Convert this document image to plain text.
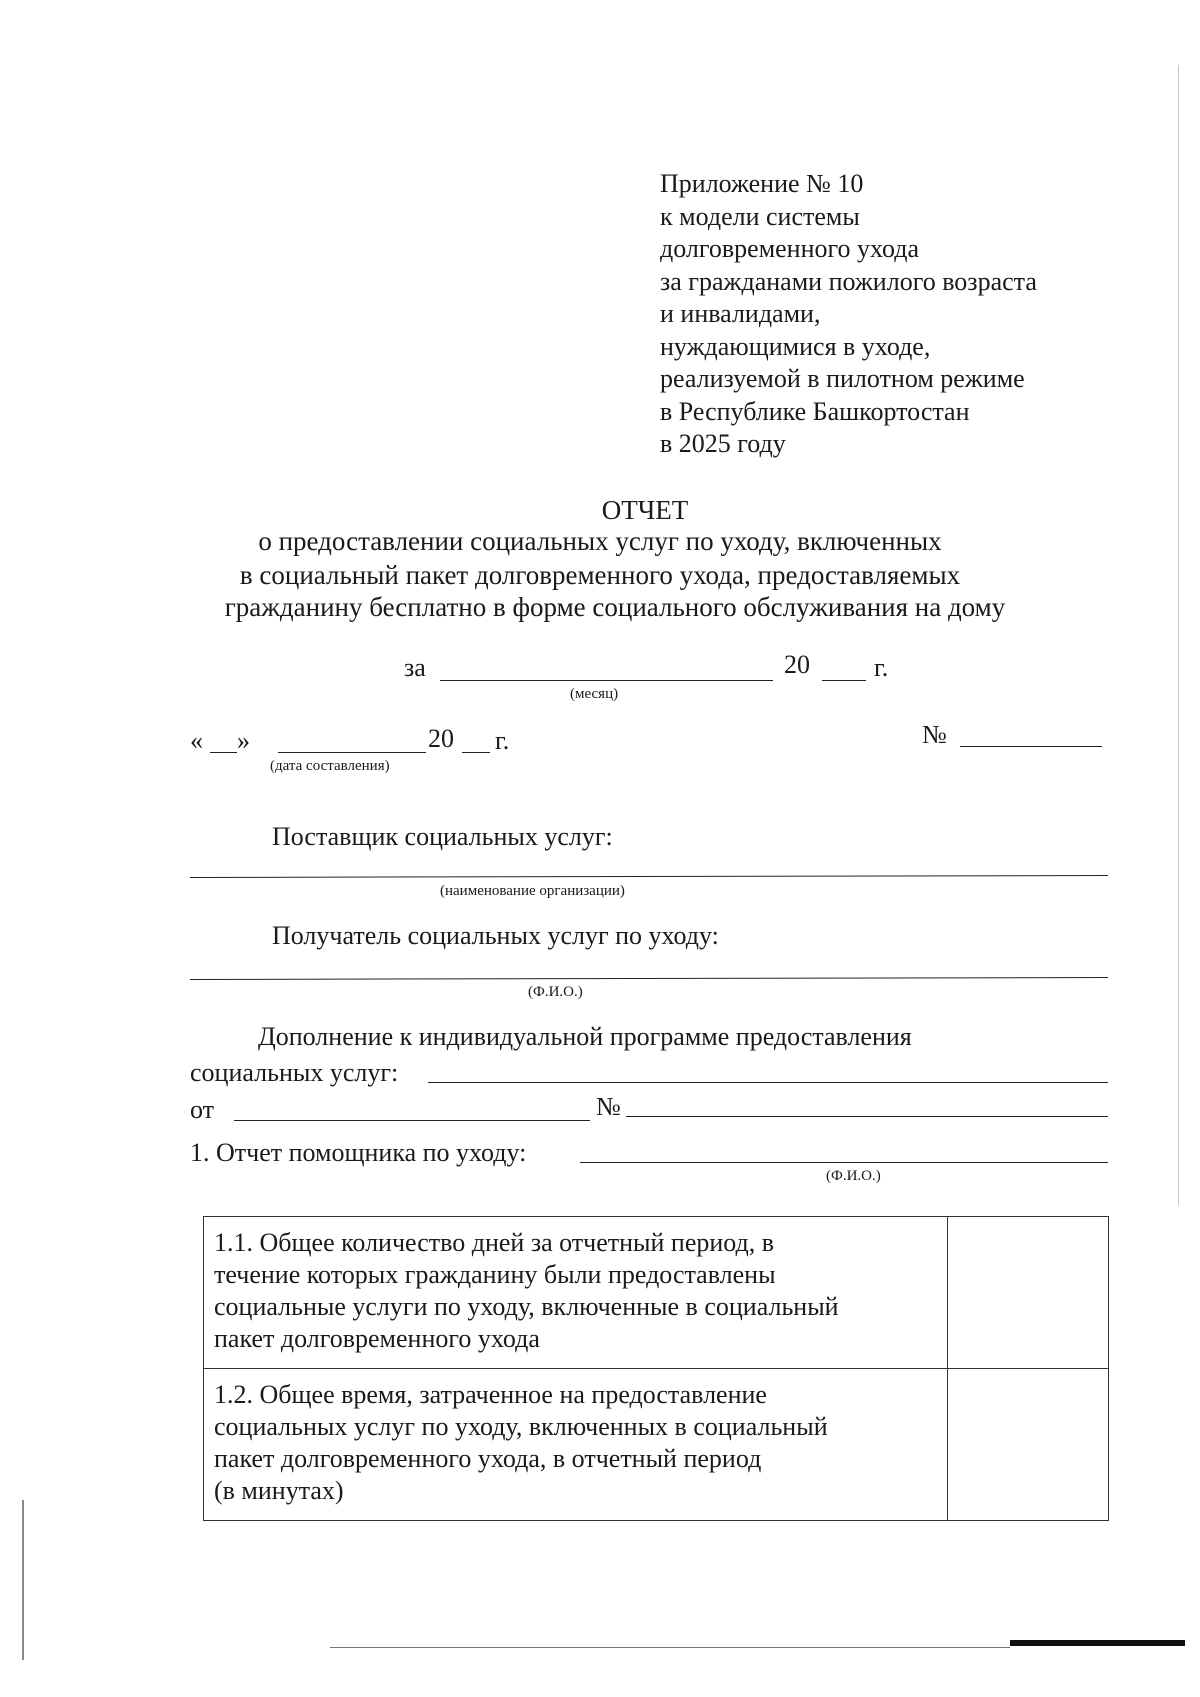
Приложение № 10
к модели системы
долговременного ухода
за гражданами пожилого возраста
и инвалидами,
нуждающимися в уходе,
реализуемой в пилотном режиме
в Республике Башкортостан
в 2025 году
ОТЧЕТ
о предоставлении социальных услуг по уходу, включенных
в социальный пакет долговременного ухода, предоставляемых
гражданину бесплатно в форме социального обслуживания на дому
за	20 г.
(месяц)
« »	20 г.
(дата составления)
№
Поставщик социальных услуг:
(наименование организации)
Получатель социальных услуг по уходу:
(Ф.И.О.)
Дополнение к индивидуальной программе предоставления
социальных услуг:
от	№
1. Отчет помощника по уходу:
(Ф.И.О.)
1.1. Общее количество дней за отчетный период, в
течение которых гражданину были предоставлены
социальные услуги по уходу, включенные в социальный
пакет долговременного ухода	

1.2. Общее время, затраченное на предоставление
социальных услуг по уходу, включенных в социальный
пакет долговременного ухода, в отчетный период
(в минутах)	
